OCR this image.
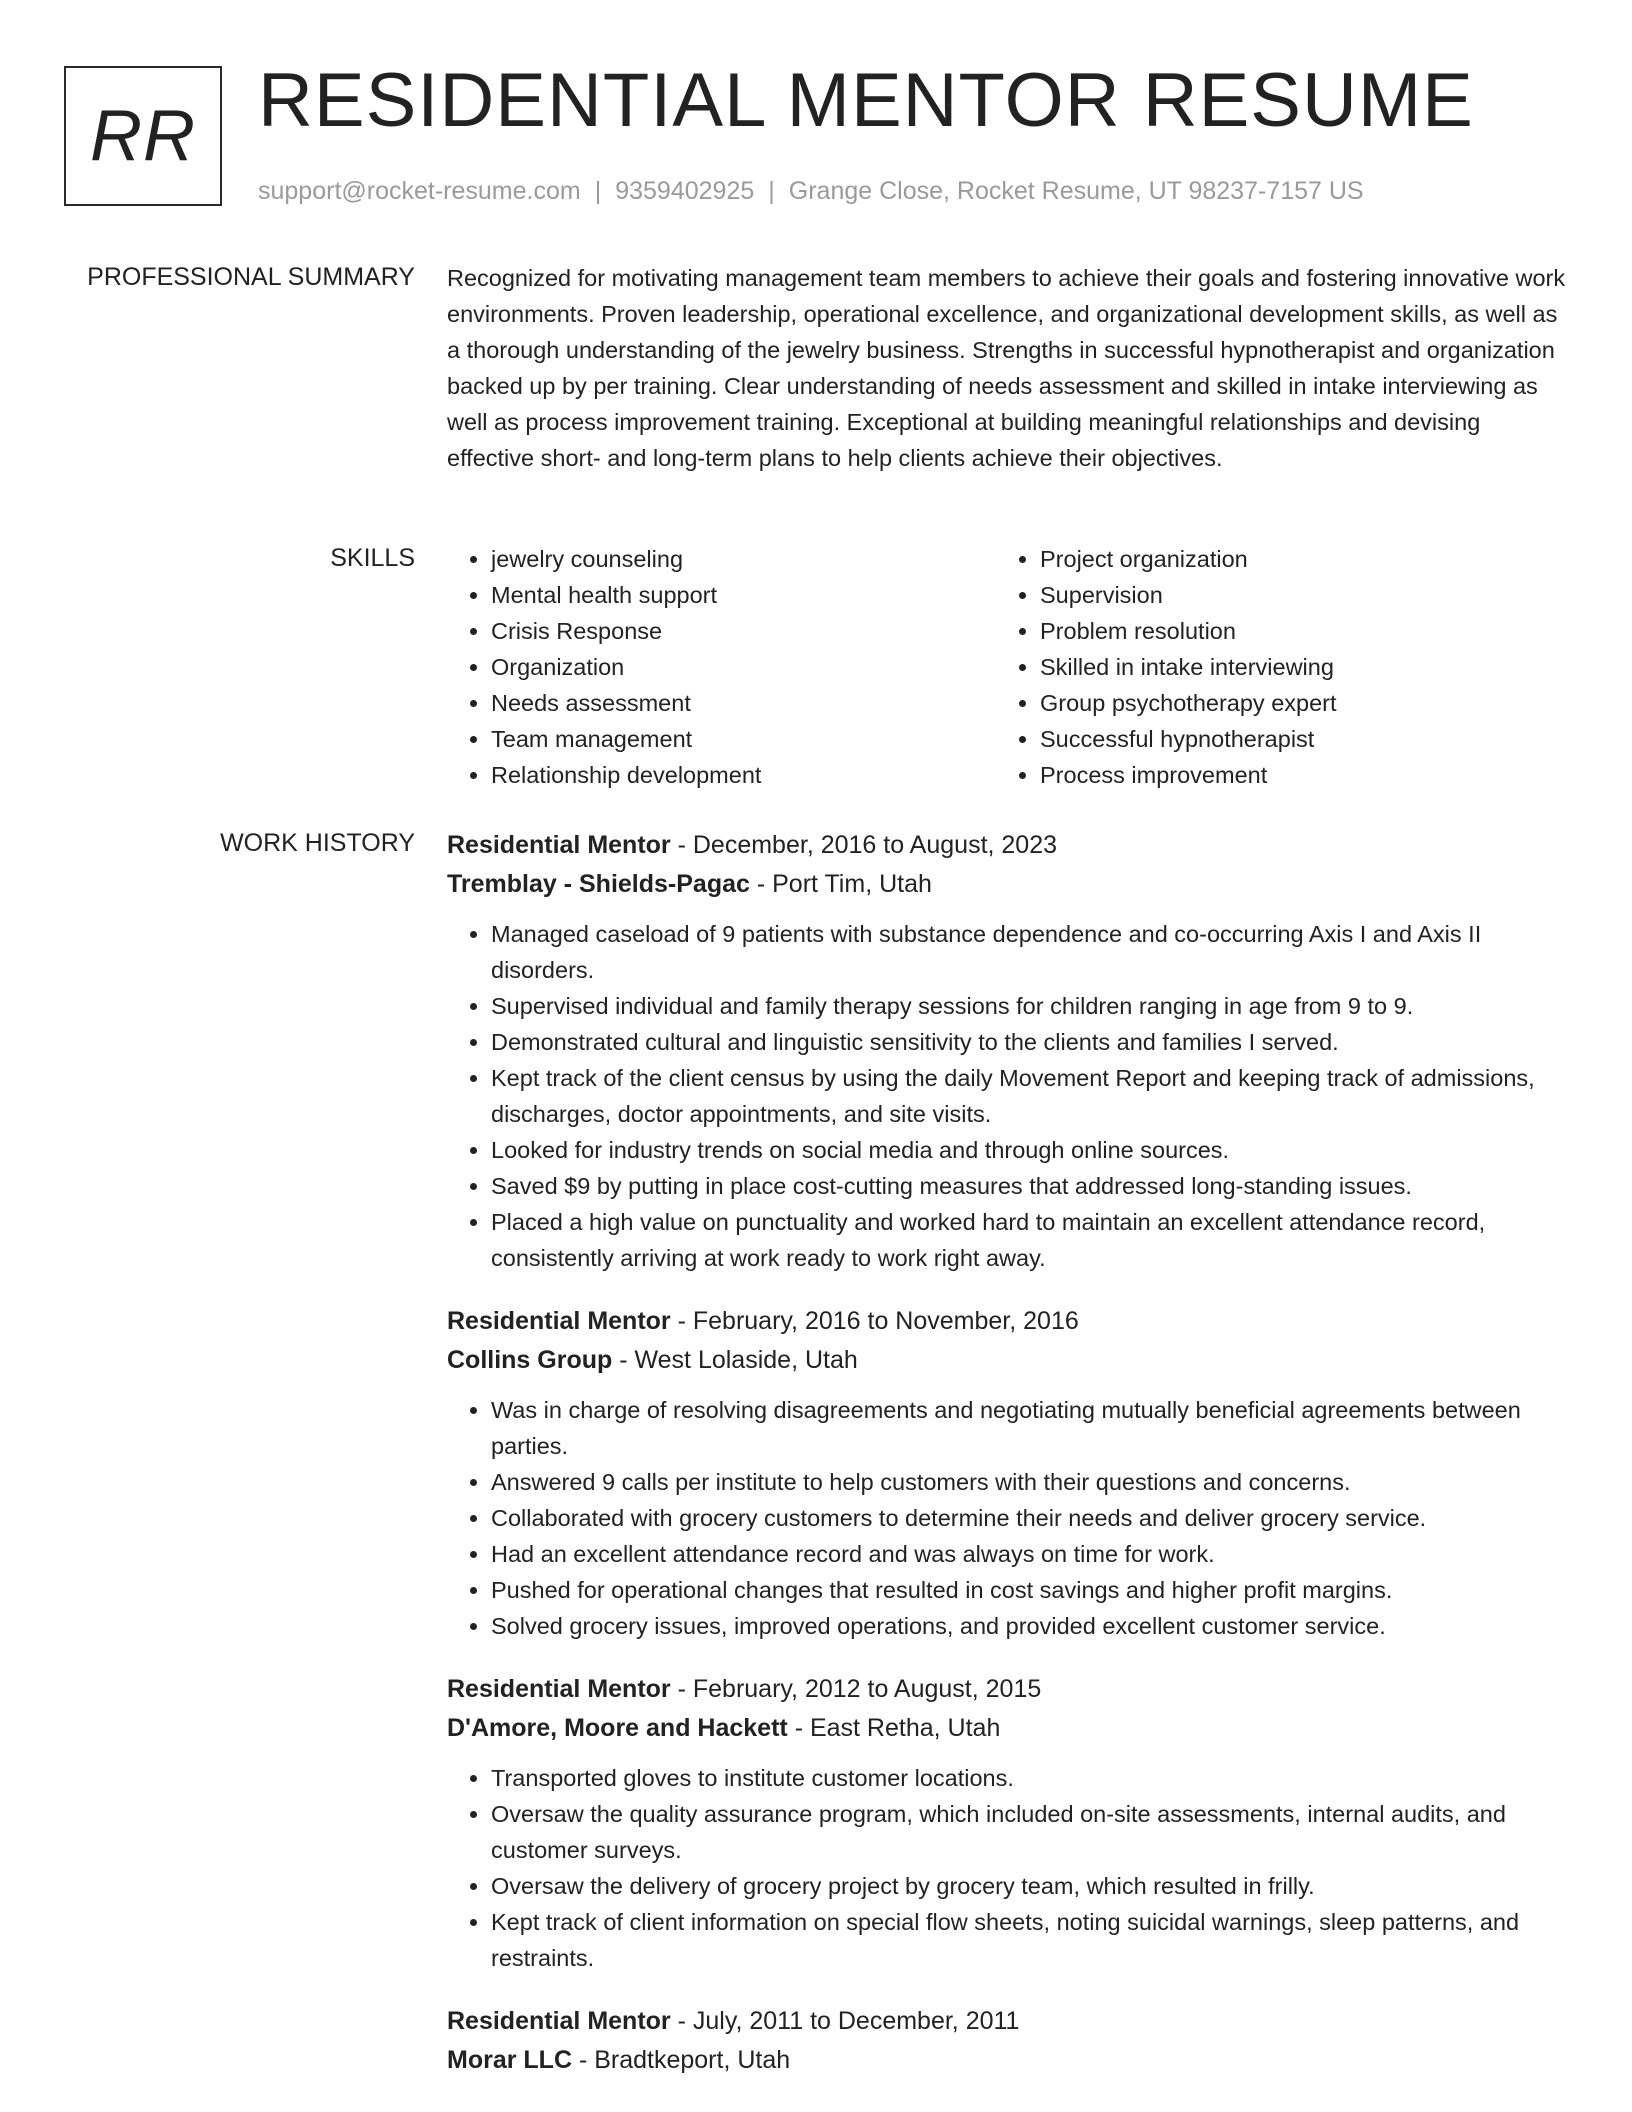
RR RESIDENTIAL MENTOR RESUME
support@rocket-resume.com | 9359402925 | Grange Close, Rocket Resume, UT 98237-7157 US
PROFESSIONAL SUMMARY Recognized for motivating management team members to achieve their goals and fostering innovative work environments. Proven leadership, operational excellence, and organizational development skills, as well as a thorough understanding of the jewelry business. Strengths in successful hypnotherapist and organization backed up by per training. Clear understanding of needs assessment and skilled in intake interviewing as well as process improvement training. Exceptional at building meaningful relationships and devising effective short- and long-term plans to help clients achieve their objectives.

SKILLS
•	jewelry counseling
• Mental health support
• Crisis Response
• Organization
• Needs assessment
• Team management
• Relationship development
• Project organization
• Supervision
• Problem resolution
• Skilled in intake interviewing
• Group psychotherapy expert
• Successful hypnotherapist
• Process improvement
WORK HISTORY Residential Mentor - December, 2016 to August, 2023
Tremblay - Shields-Pagac - Port Tim, Utah
• Managed caseload of 9 patients with substance dependence and co-occurring Axis I and Axis II disorders.
• Supervised individual and family therapy sessions for children ranging in age from 9 to 9.
• Demonstrated cultural and linguistic sensitivity to the clients and families I served.
• Kept track of the client census by using the daily Movement Report and keeping track of admissions, discharges, doctor appointments, and site visits.
• Looked for industry trends on social media and through online sources.
• Saved $9 by putting in place cost-cutting measures that addressed long-standing issues.
• Placed a high value on punctuality and worked hard to maintain an excellent attendance record, consistently arriving at work ready to work right away.
Residential Mentor - February, 2016 to November, 2016
Collins Group - West Lolaside, Utah
• Was in charge of resolving disagreements and negotiating mutually beneficial agreements between parties.
• Answered 9 calls per institute to help customers with their questions and concerns.
• Collaborated with grocery customers to determine their needs and deliver grocery service.
• Had an excellent attendance record and was always on time for work.
• Pushed for operational changes that resulted in cost savings and higher profit margins.
• Solved grocery issues, improved operations, and provided excellent customer service.
Residential Mentor - February, 2012 to August, 2015
D'Amore, Moore and Hackett - East Retha, Utah
• Transported gloves to institute customer locations.
• Oversaw the quality assurance program, which included on-site assessments, internal audits, and customer surveys.
• Oversaw the delivery of grocery project by grocery team, which resulted in frilly.
• Kept track of client information on special flow sheets, noting suicidal warnings, sleep patterns, and restraints.
Residential Mentor - July, 2011 to December, 2011
Morar LLC - Bradtkeport, Utah
